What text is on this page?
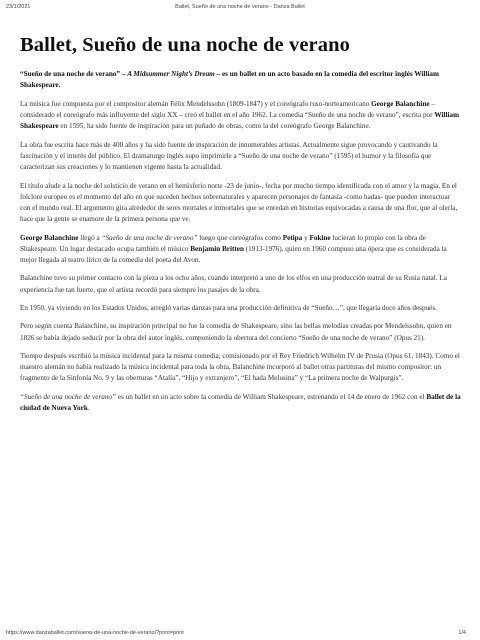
23/1/2021	Ballet, Sueño de una noche de verano - Danza Ballet
Ballet, Sueño de una noche de verano

“Sueño de una noche de verano” – A Midsummer Night’s Dream – es un ballet en un acto basado en la comedia del escritor inglés William Shakespeare.

La música fue compuesta por el compositor alemán Félix Mendelssohn (1809-1847) y el coreógrafo ruso-norteamericano George Balanchine – considerado el coreógrafo más influyente del siglo XX – creó el ballet en el año 1962. La comedia “Sueño de una noche de verano”, escrita por William Shakespeare en 1595, ha sido fuente de inspiración para un puñado de obras, como la del coreógrafo George Balanchine.

La obra fue escrita hace más de 400 años y ha sido fuente de inspiración de innumerables artistas. Actualmente sigue provocando y cautivando la fascinación y el interés del público. El dramaturgo inglés supo imprimirle a “Sueño de una noche de verano” (1595) el humor y la filosofía que caracterizan sus creaciones y lo mantienen vigente hasta la actualidad.

El título alude a la noche del solsticio de verano en el hemisferio norte -23 de junio-, fecha por mucho tiempo identificada con el amor y la magia. En el folclore europeo es el momento del año en que suceden hechos sobrenaturales y aparecen personajes de fantasía -como hadas- que pueden interactuar con el mundo real. El argumento gira alrededor de seres mortales e inmortales que se enredan en historias equivocadas a causa de una flor, que al olerla, hace que la gente se enamore de la primera persona que ve.

George Balanchine llegó a “Sueño de una noche de verano” luego que coreógrafos como Petipa y Fokine lucieran lo propio con la obra de Shakespeare. Un lugar destacado ocupa también el músico Benjamin Britten (1913-1976), quien en 1960 compuso una ópera que es considerada la mejor llegada al teatro lírico de la comedia del poeta del Avon.

Balanchine tuvo su primer contacto con la pieza a los ocho años, cuando interpretó a uno de los elfos en una producción teatral de su Rusia natal. La experiencia fue tan fuerte, que el artista recordó para siempre los pasajes de la obra.

En 1950, ya viviendo en los Estados Unidos, arregló varias danzas para una producción definitiva de “Sueño…”, que llegaría doce años después.

Pero según cuenta Balanchine, su inspiración principal no fue la comedia de Shakespeare, sino las bellas melodías creadas por Mendelssohn, quien en 1826 se había dejado seducir por la obra del autor inglés, componiendo la obertura del concierto “Sueño de una noche de verano” (Opus 21).

Tiempo después escribió la música incidental para la misma comedia, comisionado por el Rey Friedrich Wilhelm IV de Prusia (Opus 61, 1843). Como el maestro alemán no había realizado la música incidental para toda la obra, Balanchine incorporó al ballet otras partituras del mismo compositor: un fragmento de la Sinfonía No. 9 y las oberturas “Atalía”, “Hijo y extranjero”, “El hada Melusina” y “La primera noche de Walpurgis”.

“Sueño de una noche de verano” es un ballet en un acto sobre la comedia de William Shakespeare, estrenando el 14 de enero de 1962 con el Ballet de la ciudad de Nueva York.

https://www.danzaballet.com/sueno-de-una-noche-de-verano/?print=print	1/4
